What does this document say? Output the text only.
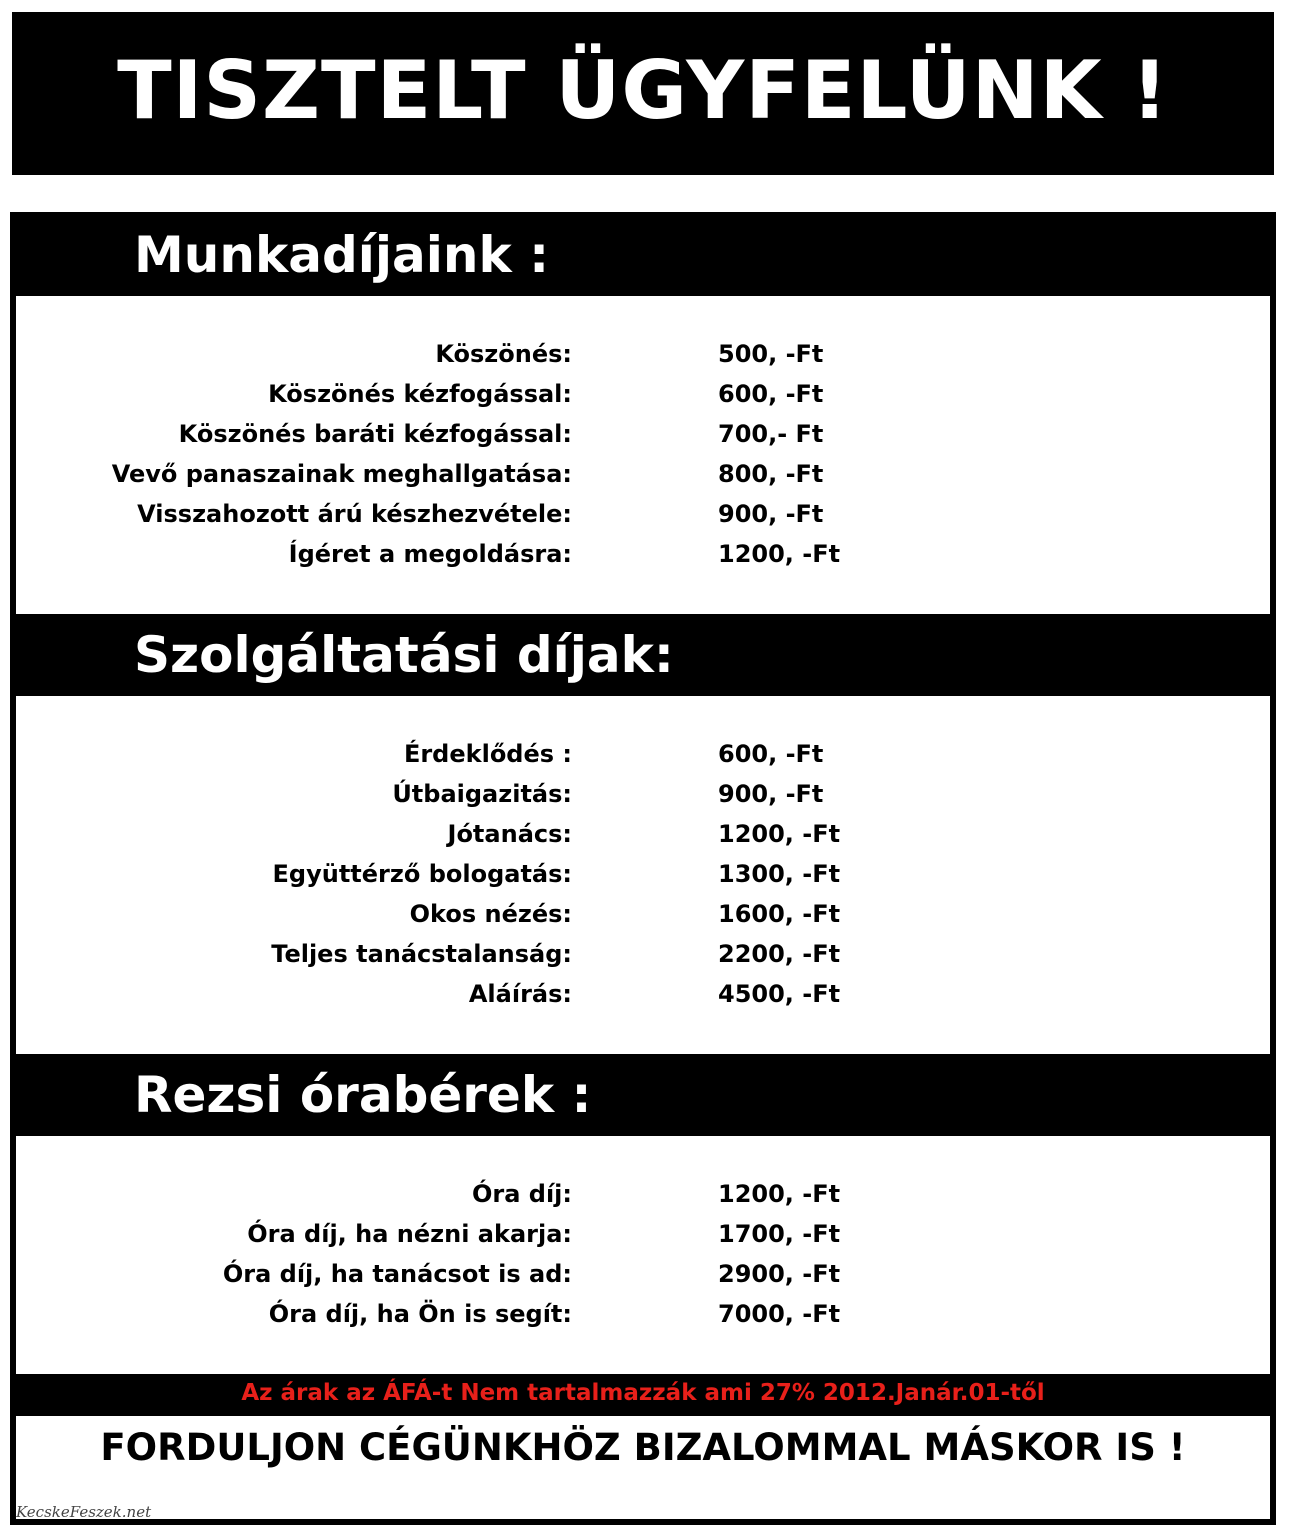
TISZTELT ÜGYFELÜNK !
Munkadíjaink :
Köszönés:	500, -Ft
Köszönés kézfogással:	600, -Ft
Köszönés baráti kézfogással:	700,- Ft
Vevő panaszainak meghallgatása:	800, -Ft
Visszahozott árú készhezvétele:	900, -Ft
Ígéret a megoldásra:	1200, -Ft
Szolgáltatási díjak:
Érdeklődés :	600, -Ft
Útbaigazitás:	900, -Ft
Jótanács:	1200, -Ft
Együttérző bologatás:	1300, -Ft
Okos nézés:	1600, -Ft
Teljes tanácstalanság:	2200, -Ft
Aláírás:	4500, -Ft
Rezsi órabérek :
Óra díj:	1200, -Ft
Óra díj, ha nézni akarja:	1700, -Ft
Óra díj, ha tanácsot is ad:	2900, -Ft
Óra díj, ha Ön is segít:	7000, -Ft
Az árak az ÁFÁ-t Nem tartalmazzák ami 27% 2012.Janár.01-től
FORDULJON CÉGÜNKHÖZ BIZALOMMAL MÁSKOR IS !
KecskeFeszek.net
